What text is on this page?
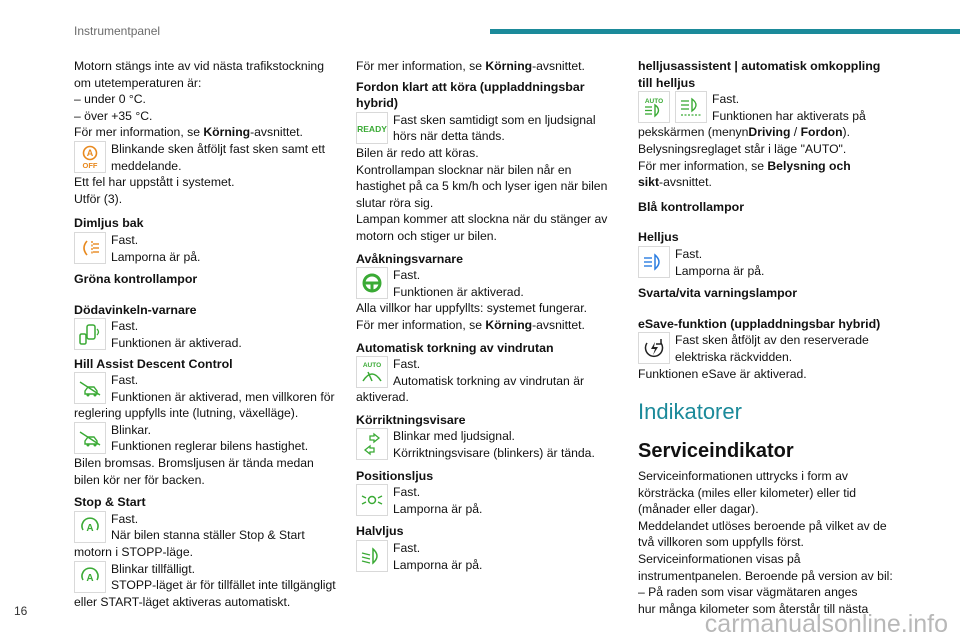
Instrumentpanel

Motorn stängs inte av vid nästa trafikstockning

om utetemperaturen är:

– under 0 °C.

– över +35 °C.

För mer information, se Körning-avsnittet.

A
OFF

Blinkande sken åtföljt fast sken samt ett

meddelande.

Ett fel har uppstått i systemet.

Utför (3).

Dimljus bak

Fast.

Lamporna är på.

Gröna kontrollampor

Dödavinkeln-varnare

Fast.

Funktionen är aktiverad.

Hill Assist Descent Control

Fast.

Funktionen är aktiverad, men villkoren för

reglering uppfylls inte (lutning, växelläge).

Blinkar.

Funktionen reglerar bilens hastighet.

Bilen bromsas. Bromsljusen är tända medan

bilen kör ner för backen.

Stop & Start

A

Fast.

När bilen stanna ställer Stop & Start

motorn i STOPP-läge.

A

Blinkar tillfälligt.

STOPP-läget är för tillfället inte tillgängligt

eller START-läget aktiveras automatiskt.

För mer information, se Körning-avsnittet.

Fordon klart att köra (uppladdningsbar

hybrid)

READY

Fast sken samtidigt som en ljudsignal

hörs när detta tänds.

Bilen är redo att köras.

Kontrollampan slocknar när bilen når en

hastighet på ca 5 km/h och lyser igen när bilen

slutar röra sig.

Lampan kommer att slockna när du stänger av

motorn och stiger ur bilen.

Avåkningsvarnare

Fast.

Funktionen är aktiverad.

Alla villkor har uppfyllts: systemet fungerar.

För mer information, se Körning-avsnittet.

Automatisk torkning av vindrutan

AUTO Fast.

Automatisk torkning av vindrutan är

aktiverad.

Körriktningsvisare

Blinkar med ljudsignal.

Körriktningsvisare (blinkers) är tända.

Positionsljus

Fast.

Lamporna är på.

Halvljus

Fast.

Lamporna är på.

helljusassistent | automatisk omkoppling

till helljus

AUTO	Fast.

Funktionen har aktiverats på

pekskärmen (menynDriving / Fordon).

Belysningsreglaget står i läge "AUTO".

För mer information, se Belysning och

sikt-avsnittet.

Blå kontrollampor

Helljus

Fast.

Lamporna är på.

Svarta/vita varningslampor

eSave-funktion (uppladdningsbar hybrid)

Fast sken åtföljt av den reserverade

elektriska räckvidden.

Funktionen eSave är aktiverad.

Indikatorer

Serviceindikator

Serviceinformationen uttrycks i form av

körsträcka (miles eller kilometer) eller tid

(månader eller dagar).

Meddelandet utlöses beroende på vilket av de

två villkoren som uppfylls först.

Serviceinformationen visas på

instrumentpanelen. Beroende på version av bil:

– På raden som visar vägmätaren anges

hur många kilometer som återstår till nästa

16	carmanualsonline.info
